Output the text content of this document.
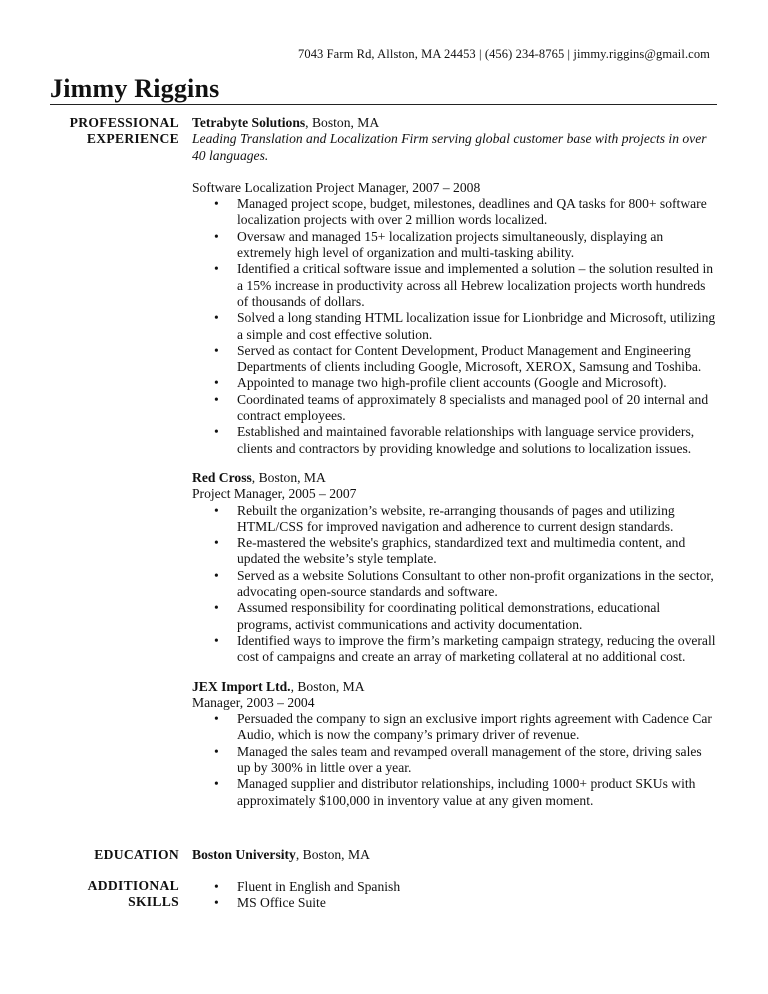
7043 Farm Rd, Allston, MA 24453 | (456) 234-8765 | jimmy.riggins@gmail.com
Jimmy Riggins
PROFESSIONAL EXPERIENCE
Tetrabyte Solutions, Boston, MA
Leading Translation and Localization Firm serving global customer base with projects in over 40 languages.
Software Localization Project Manager, 2007 – 2008
• Managed project scope, budget, milestones, deadlines and QA tasks for 800+ software localization projects with over 2 million words localized.
• Oversaw and managed 15+ localization projects simultaneously, displaying an extremely high level of organization and multi-tasking ability.
• Identified a critical software issue and implemented a solution – the solution resulted in a 15% increase in productivity across all Hebrew localization projects worth hundreds of thousands of dollars.
• Solved a long standing HTML localization issue for Lionbridge and Microsoft, utilizing a simple and cost effective solution.
• Served as contact for Content Development, Product Management and Engineering Departments of clients including Google, Microsoft, XEROX, Samsung and Toshiba.
• Appointed to manage two high-profile client accounts (Google and Microsoft).
• Coordinated teams of approximately 8 specialists and managed pool of 20 internal and contract employees.
• Established and maintained favorable relationships with language service providers, clients and contractors by providing knowledge and solutions to localization issues.
Red Cross, Boston, MA
Project Manager, 2005 – 2007
• Rebuilt the organization’s website, re-arranging thousands of pages and utilizing HTML/CSS for improved navigation and adherence to current design standards.
• Re-mastered the website's graphics, standardized text and multimedia content, and updated the website’s style template.
• Served as a website Solutions Consultant to other non-profit organizations in the sector, advocating open-source standards and software.
• Assumed responsibility for coordinating political demonstrations, educational programs, activist communications and activity documentation.
• Identified ways to improve the firm’s marketing campaign strategy, reducing the overall cost of campaigns and create an array of marketing collateral at no additional cost.
JEX Import Ltd., Boston, MA
Manager, 2003 – 2004
• Persuaded the company to sign an exclusive import rights agreement with Cadence Car Audio, which is now the company’s primary driver of revenue.
• Managed the sales team and revamped overall management of the store, driving sales up by 300% in little over a year.
• Managed supplier and distributor relationships, including 1000+ product SKUs with approximately $100,000 in inventory value at any given moment.
EDUCATION Boston University, Boston, MA
ADDITIONAL SKILLS
• Fluent in English and Spanish
• MS Office Suite
